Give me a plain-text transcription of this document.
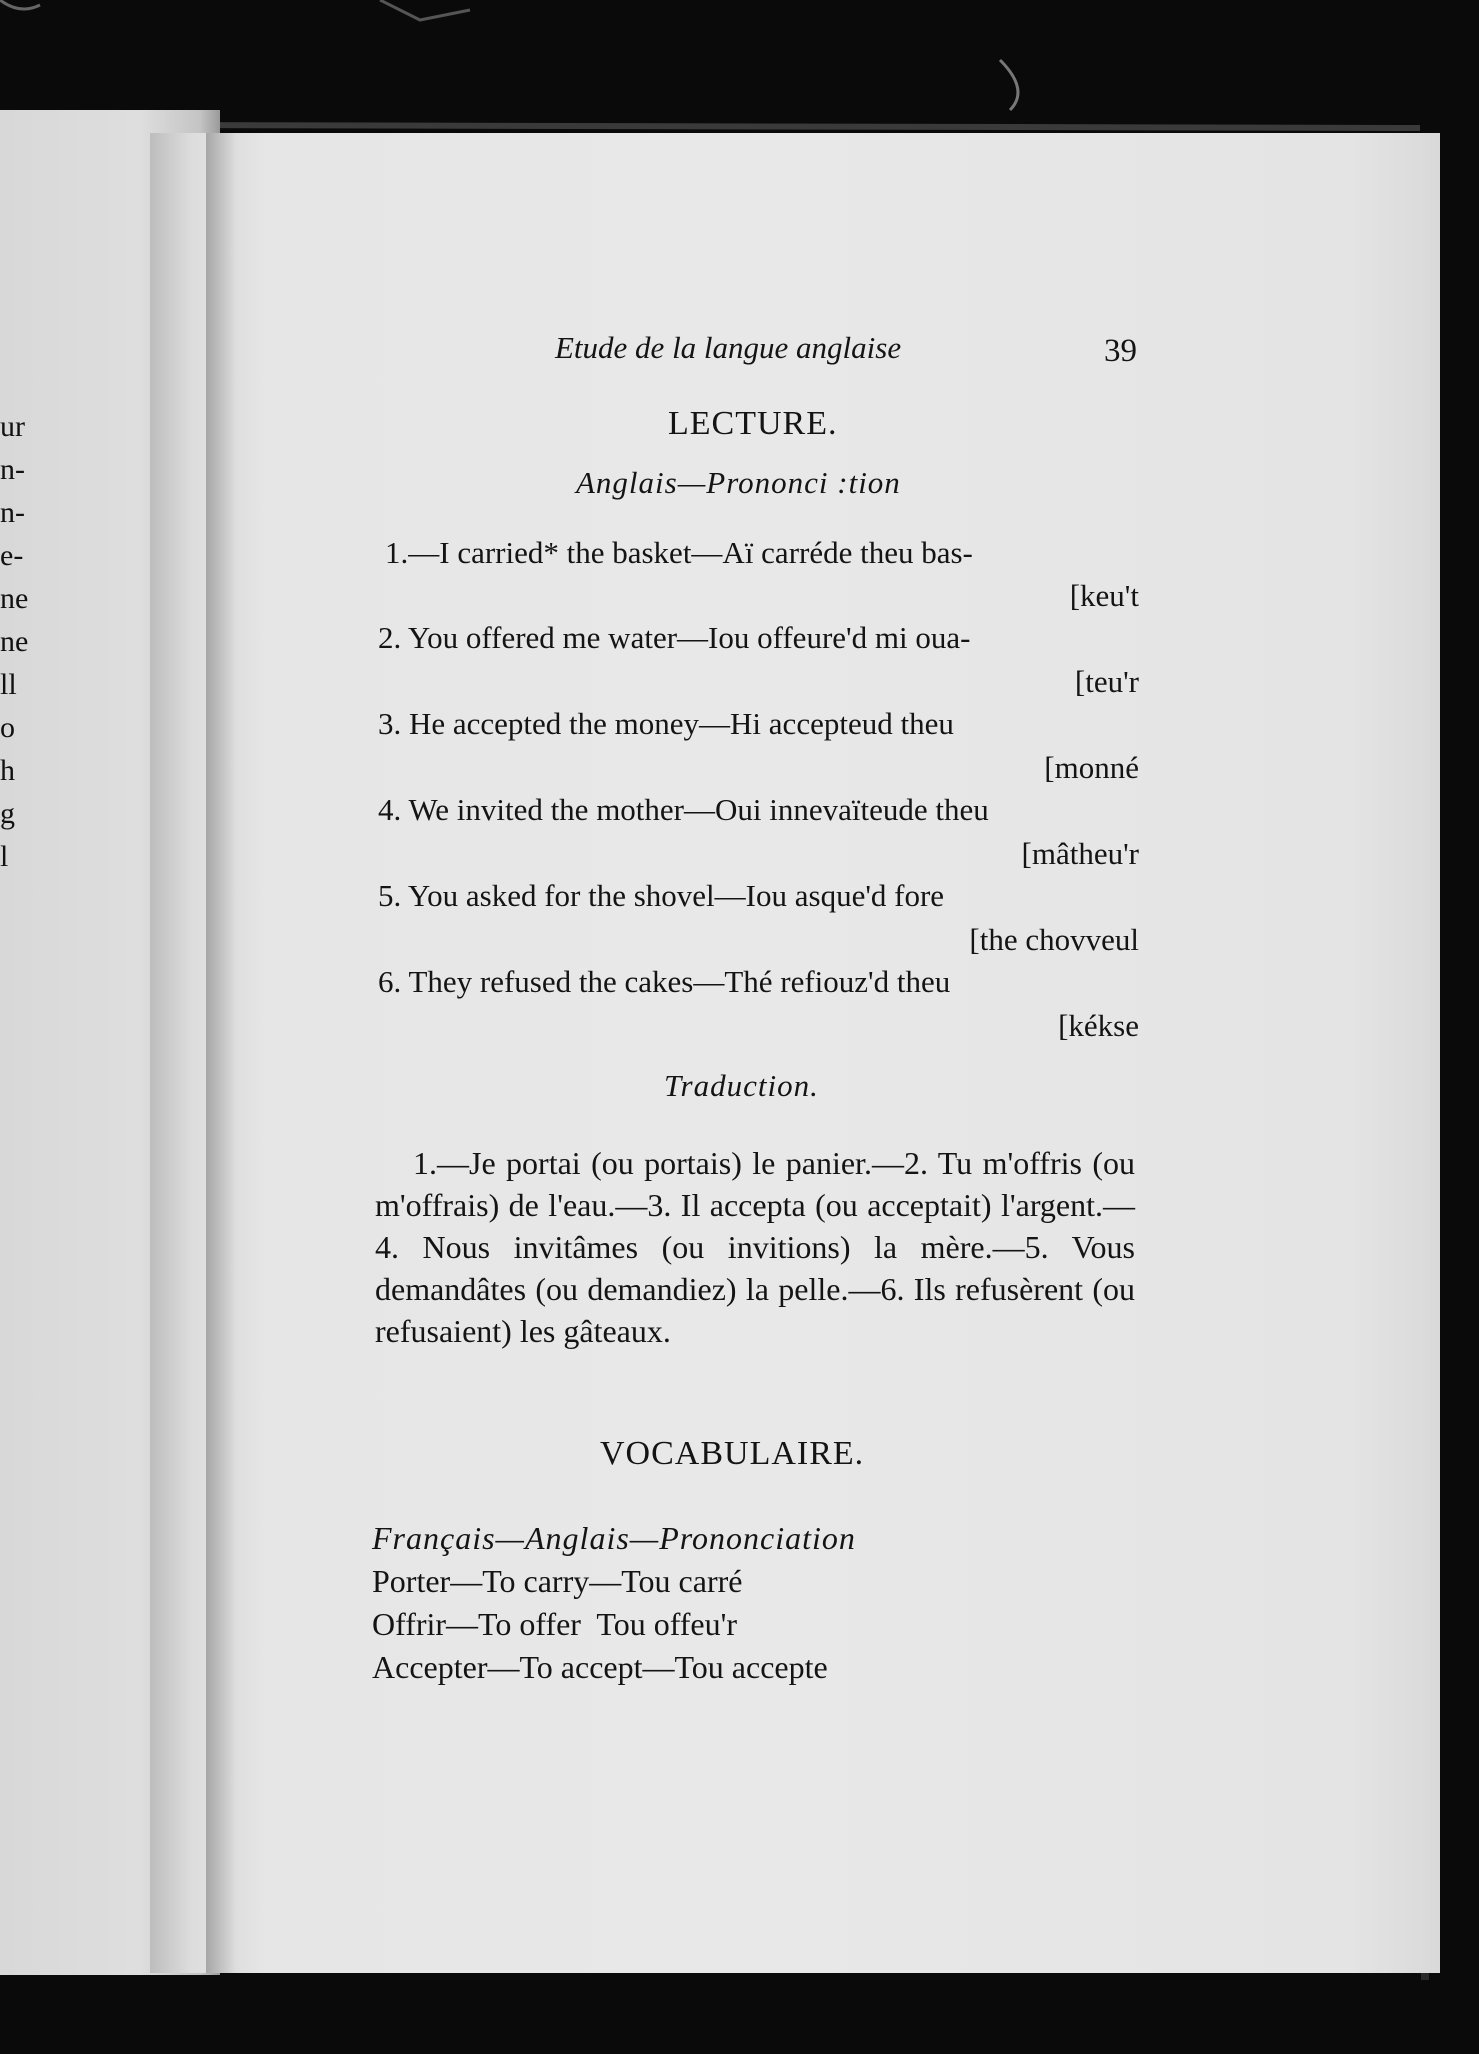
ur
n-
n-
e-
ne
ne
ll
o
h
g
l
Etude de la langue anglaise	39
LECTURE.
Anglais—Prononci :tion
1.—I carried* the basket—Aï carréde theu bas-
[keu't
2. You offered me water—Iou offeure'd mi oua-
[teu'r
3. He accepted the money—Hi accepteud theu
[monné
4. We invited the mother—Oui innevaïteude theu
[mâtheu'r
5. You asked for the shovel—Iou asque'd fore
[the chovveul
6. They refused the cakes—Thé refiouz'd theu
[kékse
Traduction.
1.—Je portai (ou portais) le panier.—2. Tu m'offris (ou m'offrais) de l'eau.—3. Il accepta (ou acceptait) l'argent.—4. Nous invitâmes (ou invitions) la mère.—5. Vous demandâtes (ou demandiez) la pelle.—6. Ils refusèrent (ou refusaient) les gâteaux.
VOCABULAIRE.
Français—Anglais—Prononciation
Porter—To carry—Tou carré
Offrir—To offer  Tou offeu'r
Accepter—To accept—Tou accepte
